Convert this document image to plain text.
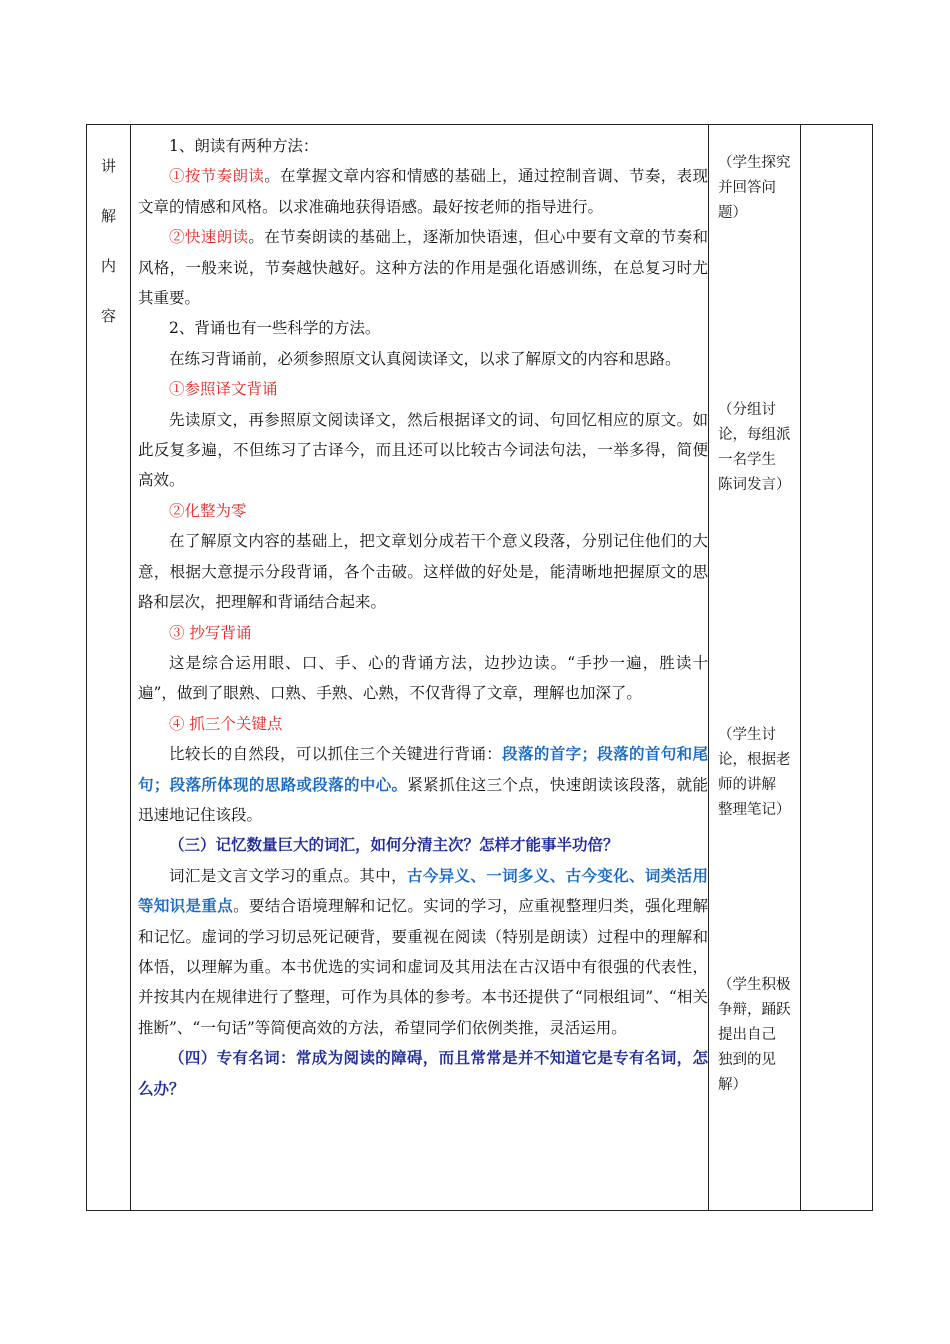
讲
解
内
容

1、朗读有两种方法：

①按节奏朗读。在掌握文章内容和情感的基础上，通过控制音调、节奏，表现文章的情感和风格。以求准确地获得语感。最好按老师的指导进行。

②快速朗读。在节奏朗读的基础上，逐渐加快语速，但心中要有文章的节奏和风格，一般来说，节奏越快越好。这种方法的作用是强化语感训练，在总复习时尤其重要。

2、背诵也有一些科学的方法。

在练习背诵前，必须参照原文认真阅读译文，以求了解原文的内容和思路。

①参照译文背诵

先读原文，再参照原文阅读译文，然后根据译文的词、句回忆相应的原文。如此反复多遍，不但练习了古译今，而且还可以比较古今词法句法，一举多得，简便高效。

②化整为零

在了解原文内容的基础上，把文章划分成若干个意义段落，分别记住他们的大意，根据大意提示分段背诵，各个击破。这样做的好处是，能清晰地把握原文的思路和层次，把理解和背诵结合起来。

③ 抄写背诵

这是综合运用眼、口、手、心的背诵方法，边抄边读。“手抄一遍，胜读十遍”，做到了眼熟、口熟、手熟、心熟，不仅背得了文章，理解也加深了。

④ 抓三个关键点

比较长的自然段，可以抓住三个关键进行背诵：段落的首字；段落的首句和尾句；段落所体现的思路或段落的中心。紧紧抓住这三个点，快速朗读该段落，就能迅速地记住该段。

（三）记忆数量巨大的词汇，如何分清主次？怎样才能事半功倍？

词汇是文言文学习的重点。其中，古今异义、一词多义、古今变化、词类活用等知识是重点。要结合语境理解和记忆。实词的学习，应重视整理归类，强化理解和记忆。虚词的学习切忌死记硬背，要重视在阅读（特别是朗读）过程中的理解和体悟，以理解为重。本书优选的实词和虚词及其用法在古汉语中有很强的代表性，并按其内在规律进行了整理，可作为具体的参考。本书还提供了“同根组词”、“相关推断”、“一句话”等简便高效的方法，希望同学们依例类推，灵活运用。

（四）专有名词：常成为阅读的障碍，而且常常是并不知道它是专有名词，怎么办？

（学生探究
并回答问
题）
（分组讨
论，每组派
一名学生
陈词发言）
（学生讨
论，根据老
师的讲解
整理笔记）
（学生积极
争辩，踊跃
提出自己
独到的见
解）
